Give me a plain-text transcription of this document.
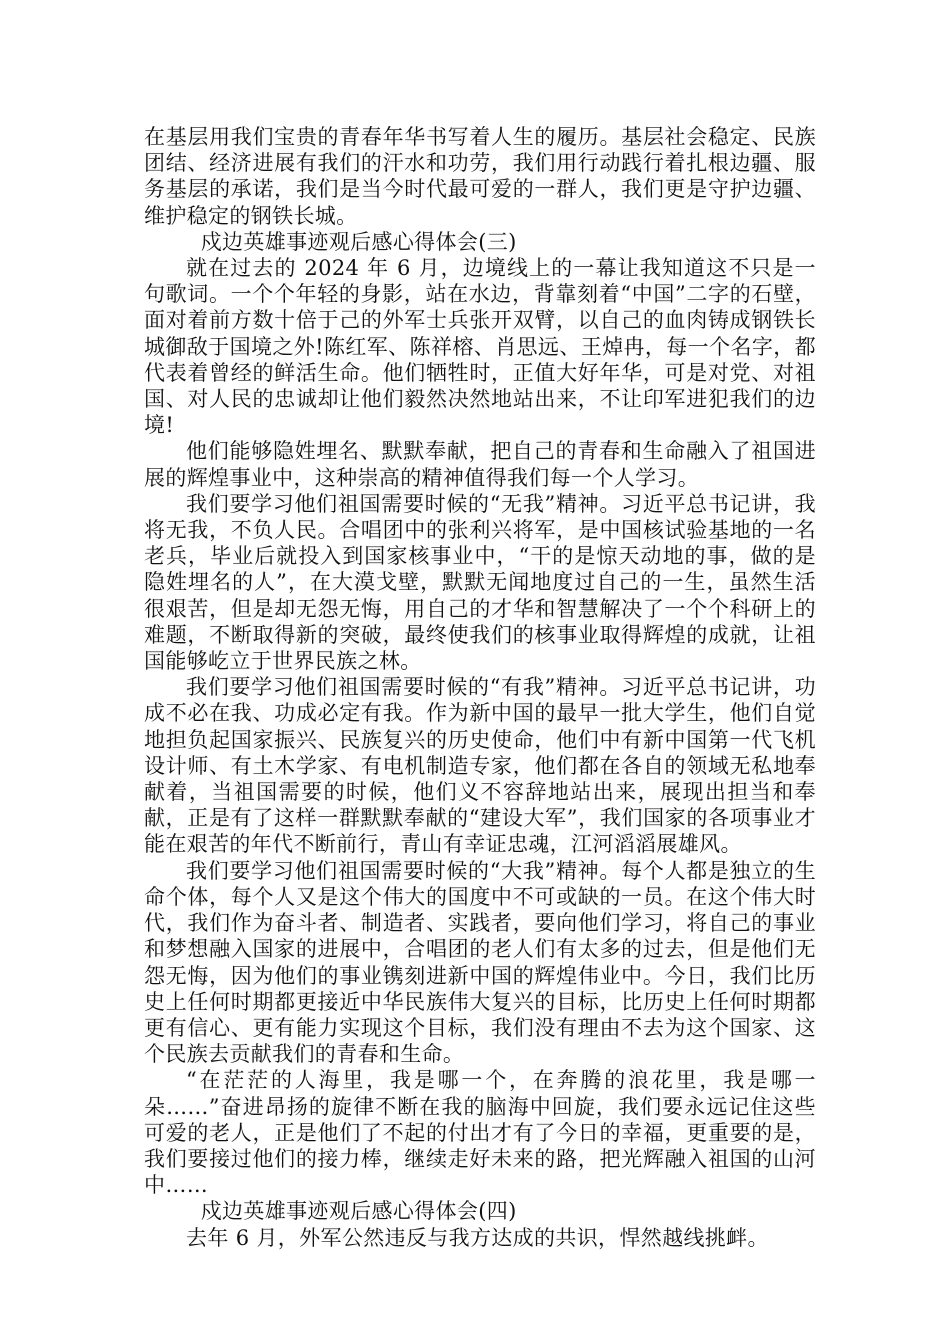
在基层用我们宝贵的青春年华书写着人生的履历。基层社会稳定、民族团结、经济进展有我们的汗水和功劳，我们用行动践行着扎根边疆、服务基层的承诺，我们是当今时代最可爱的一群人，我们更是守护边疆、维护稳定的钢铁长城。

戍边英雄事迹观后感心得体会(三)

就在过去的 2024 年 6 月，边境线上的一幕让我知道这不只是一句歌词。一个个年轻的身影，站在水边，背靠刻着“中国”二字的石壁，面对着前方数十倍于己的外军士兵张开双臂，以自己的血肉铸成钢铁长城御敌于国境之外!陈红军、陈祥榕、肖思远、王焯冉，每一个名字，都代表着曾经的鲜活生命。他们牺牲时，正值大好年华，可是对党、对祖国、对人民的忠诚却让他们毅然决然地站出来，不让印军进犯我们的边境!

他们能够隐姓埋名、默默奉献，把自己的青春和生命融入了祖国进展的辉煌事业中，这种崇高的精神值得我们每一个人学习。

我们要学习他们祖国需要时候的“无我”精神。习近平总书记讲，我将无我，不负人民。合唱团中的张利兴将军，是中国核试验基地的一名老兵，毕业后就投入到国家核事业中，“干的是惊天动地的事，做的是隐姓埋名的人”，在大漠戈壁，默默无闻地度过自己的一生，虽然生活很艰苦，但是却无怨无悔，用自己的才华和智慧解决了一个个科研上的难题，不断取得新的突破，最终使我们的核事业取得辉煌的成就，让祖国能够屹立于世界民族之林。

我们要学习他们祖国需要时候的“有我”精神。习近平总书记讲，功成不必在我、功成必定有我。作为新中国的最早一批大学生，他们自觉地担负起国家振兴、民族复兴的历史使命，他们中有新中国第一代飞机设计师、有土木学家、有电机制造专家，他们都在各自的领域无私地奉献着，当祖国需要的时候，他们义不容辞地站出来，展现出担当和奉献，正是有了这样一群默默奉献的“建设大军”，我们国家的各项事业才能在艰苦的年代不断前行，青山有幸证忠魂，江河滔滔展雄风。

我们要学习他们祖国需要时候的“大我”精神。每个人都是独立的生命个体，每个人又是这个伟大的国度中不可或缺的一员。在这个伟大时代，我们作为奋斗者、制造者、实践者，要向他们学习，将自己的事业和梦想融入国家的进展中，合唱团的老人们有太多的过去，但是他们无怨无悔，因为他们的事业镌刻进新中国的辉煌伟业中。今日，我们比历史上任何时期都更接近中华民族伟大复兴的目标，比历史上任何时期都更有信心、更有能力实现这个目标，我们没有理由不去为这个国家、这个民族去贡献我们的青春和生命。

“在茫茫的人海里，我是哪一个，在奔腾的浪花里，我是哪一朵……”奋进昂扬的旋律不断在我的脑海中回旋，我们要永远记住这些可爱的老人，正是他们了不起的付出才有了今日的幸福，更重要的是，我们要接过他们的接力棒，继续走好未来的路，把光辉融入祖国的山河中……

戍边英雄事迹观后感心得体会(四)

去年 6 月，外军公然违反与我方达成的共识，悍然越线挑衅。
